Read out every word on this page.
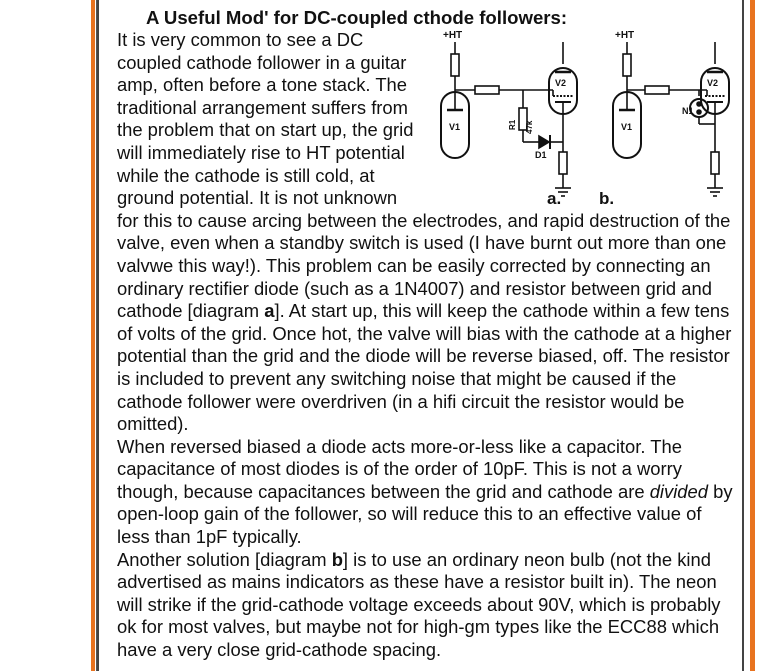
A Useful Mod' for DC-coupled cthode followers:
It is very common to see a DC
coupled cathode follower in a guitar
amp, often before a tone stack. The
traditional arrangement suffers from
the problem that on start up, the grid
will immediately rise to HT potential
while the cathode is still cold, at
ground potential. It is not unknown

for this to cause arcing between the electrodes, and rapid destruction of the valve, even when a standby switch is used (I have burnt out more than one valvwe this way!). This problem can be easily corrected by connecting an ordinary rectifier diode (such as a 1N4007) and resistor between grid and cathode [diagram a]. At start up, this will keep the cathode within a few tens of volts of the grid. Once hot, the valve will bias with the cathode at a higher potential than the grid and the diode will be reverse biased, off. The resistor is included to prevent any switching noise that might be caused if the cathode follower were overdriven (in a hifi circuit the resistor would be omitted).

When reversed biased a diode acts more-or-less like a capacitor. The capacitance of most diodes is of the order of 10pF. This is not a worry though, because capacitances between the grid and cathode are divided by open-loop gain of the follower, so will reduce this to an effective value of less than 1pF typically.

Another solution [diagram b] is to use an ordinary neon bulb (not the kind advertised as mains indicators as these have a resistor built in). The neon will strike if the grid-cathode voltage exceeds about 90V, which is probably ok for most valves, but maybe not for high-gm types like the ECC88 which have a very close grid-cathode spacing.

+HT
V1	R1 47k
D1
V2
a.
+HT
V1
N1
V2
b.
